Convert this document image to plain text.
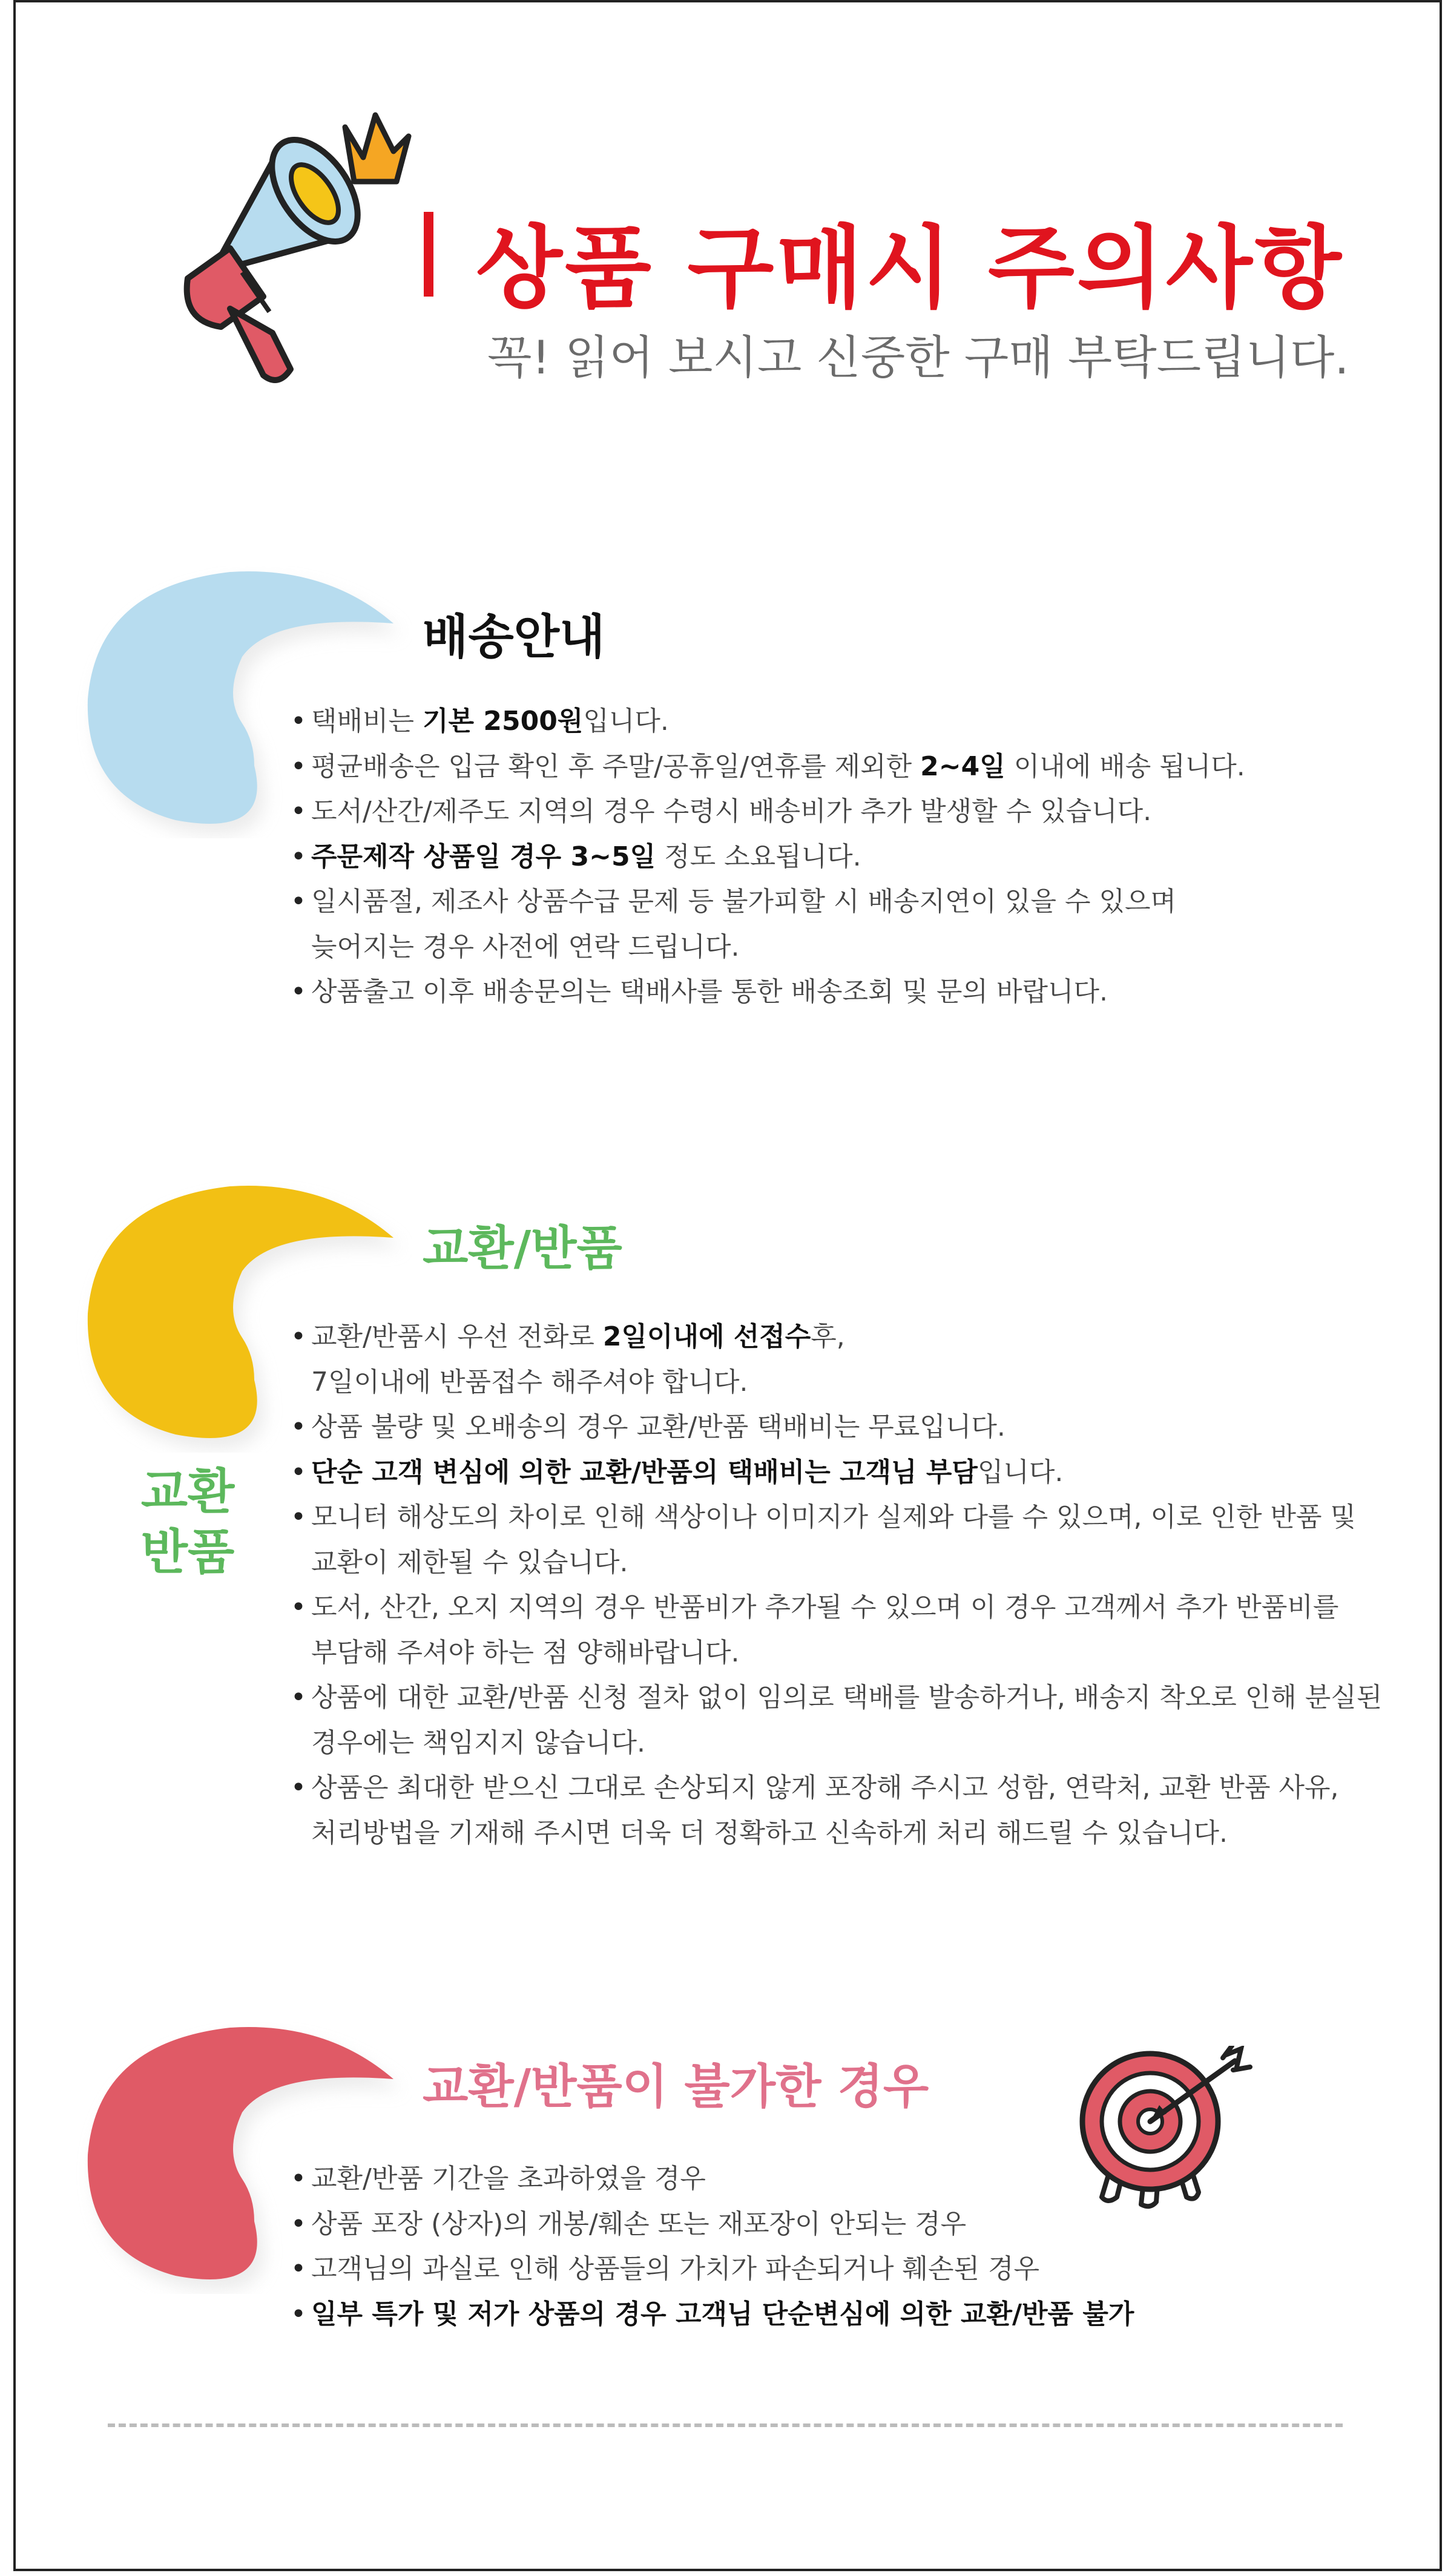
상품 구매시 주의사항
꼭! 읽어 보시고 신중한 구매 부탁드립니다.
배송안내
• 택배비는 기본 2500원입니다.
• 평균배송은 입금 확인 후 주말/공휴일/연휴를 제외한 2~4일 이내에 배송 됩니다.
• 도서/산간/제주도 지역의 경우 수령시 배송비가 추가 발생할 수 있습니다.
• 주문제작 상품일 경우 3~5일 정도 소요됩니다.
• 일시품절, 제조사 상품수급 문제 등 불가피할 시 배송지연이 있을 수 있으며
늦어지는 경우 사전에 연락 드립니다.
• 상품출고 이후 배송문의는 택배사를 통한 배송조회 및 문의 바랍니다.
교환/반품
교환
반품
• 교환/반품시 우선 전화로 2일이내에 선접수후,
7일이내에 반품접수 해주셔야 합니다.
• 상품 불량 및 오배송의 경우 교환/반품 택배비는 무료입니다.
• 단순 고객 변심에 의한 교환/반품의 택배비는 고객님 부담입니다.
• 모니터 해상도의 차이로 인해 색상이나 이미지가 실제와 다를 수 있으며, 이로 인한 반품 및
교환이 제한될 수 있습니다.
• 도서, 산간, 오지 지역의 경우 반품비가 추가될 수 있으며 이 경우 고객께서 추가 반품비를
부담해 주셔야 하는 점 양해바랍니다.
• 상품에 대한 교환/반품 신청 절차 없이 임의로 택배를 발송하거나, 배송지 착오로 인해 분실된
경우에는 책임지지 않습니다.
• 상품은 최대한 받으신 그대로 손상되지 않게 포장해 주시고 성함, 연락처, 교환 반품 사유,
처리방법을 기재해 주시면 더욱 더 정확하고 신속하게 처리 해드릴 수 있습니다.
교환/반품이 불가한 경우
• 교환/반품 기간을 초과하였을 경우
• 상품 포장 (상자)의 개봉/훼손 또는 재포장이 안되는 경우
• 고객님의 과실로 인해 상품들의 가치가 파손되거나 훼손된 경우
• 일부 특가 및 저가 상품의 경우 고객님 단순변심에 의한 교환/반품 불가
